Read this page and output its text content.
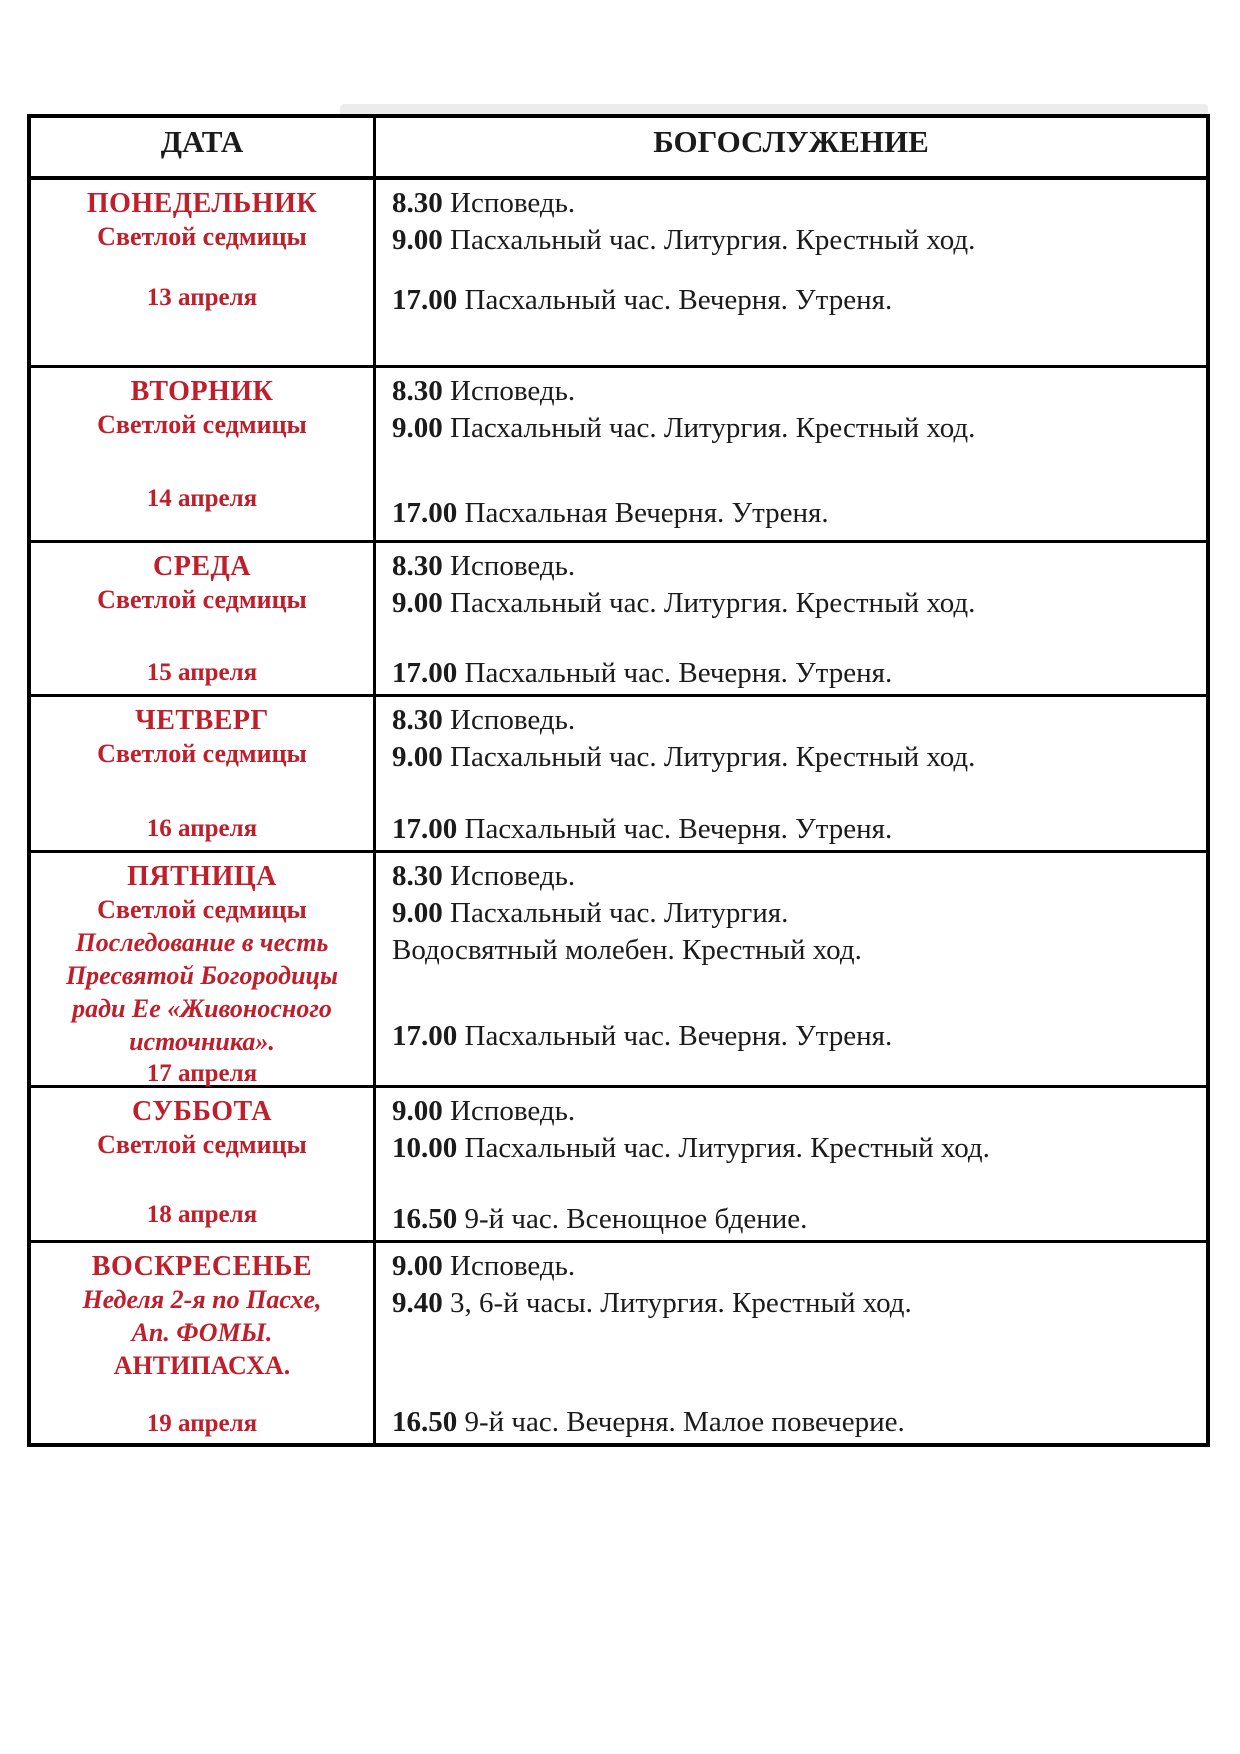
ДАТА	БОГОСЛУЖЕНИЕ
ПОНЕДЕЛЬНИК
Светлой седмицы
13 апреля
8.30 Исповедь.
9.00 Пасхальный час. Литургия. Крестный ход.
17.00 Пасхальный час. Вечерня. Утреня.
ВТОРНИК
Светлой седмицы
14 апреля
8.30 Исповедь.
9.00 Пасхальный час. Литургия. Крестный ход.
17.00 Пасхальная Вечерня. Утреня.
СРЕДА
Светлой седмицы
15 апреля
8.30 Исповедь.
9.00 Пасхальный час. Литургия. Крестный ход.
17.00 Пасхальный час. Вечерня. Утреня.
ЧЕТВЕРГ
Светлой седмицы
16 апреля
8.30 Исповедь.
9.00 Пасхальный час. Литургия. Крестный ход.
17.00 Пасхальный час. Вечерня. Утреня.
ПЯТНИЦА
Светлой седмицы
Последование в честь Пресвятой Богородицы ради Ее «Живоносного источника».
17 апреля
8.30 Исповедь.
9.00 Пасхальный час. Литургия.
Водосвятный молебен. Крестный ход.
17.00 Пасхальный час. Вечерня. Утреня.
СУББОТА
Светлой седмицы
18 апреля
9.00 Исповедь.
10.00 Пасхальный час. Литургия. Крестный ход.
16.50 9-й час. Всенощное бдение.
ВОСКРЕСЕНЬЕ
Неделя 2-я по Пасхе,
Ап. ФОМЫ.
АНТИПАСХА.
19 апреля
9.00 Исповедь.
9.40 3, 6-й часы. Литургия. Крестный ход.
16.50 9-й час. Вечерня. Малое повечерие.
